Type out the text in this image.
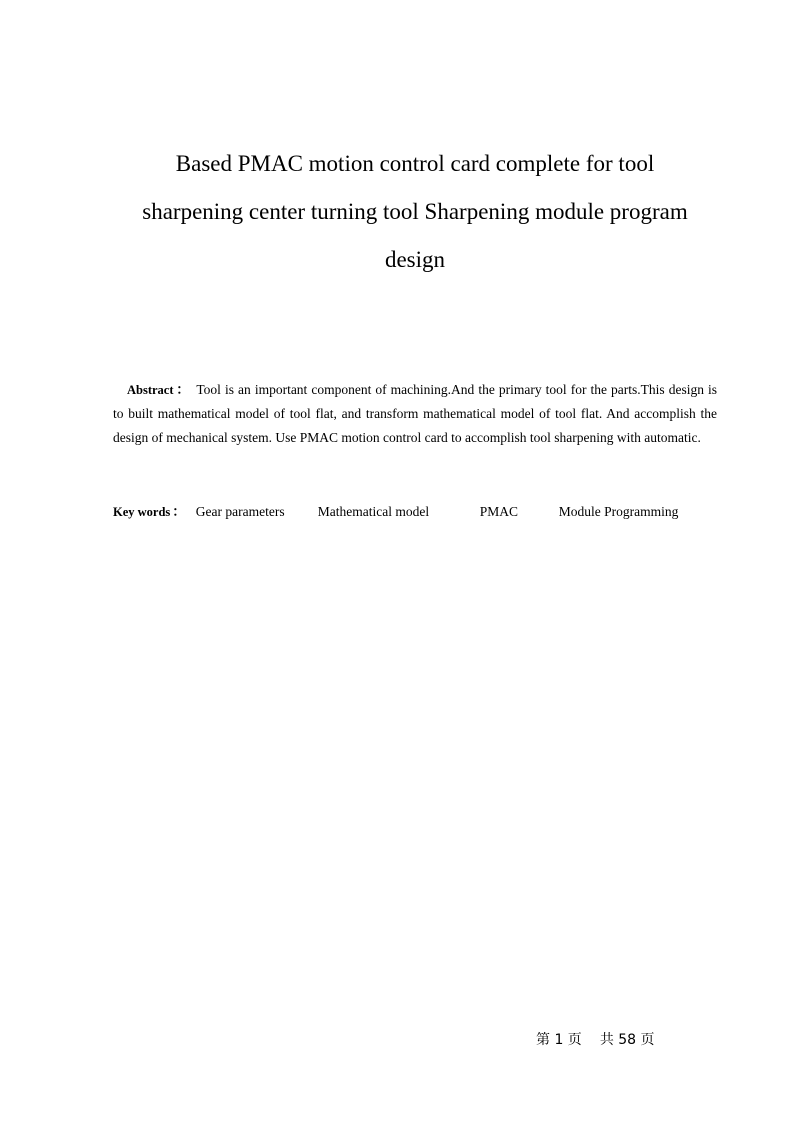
Based PMAC motion control card complete for tool
sharpening center turning tool Sharpening module program
design
Abstract ： Tool is an important component of machining.And the primary tool for the parts.This design is to built mathematical model of tool flat, and transform mathematical model of tool flat. And accomplish the design of mechanical system. Use PMAC motion control card to accomplish tool sharpening with automatic.
Key words ： Gear parameters Mathematical model	PMAC	Module Programming
第 1 页 共 58 页
